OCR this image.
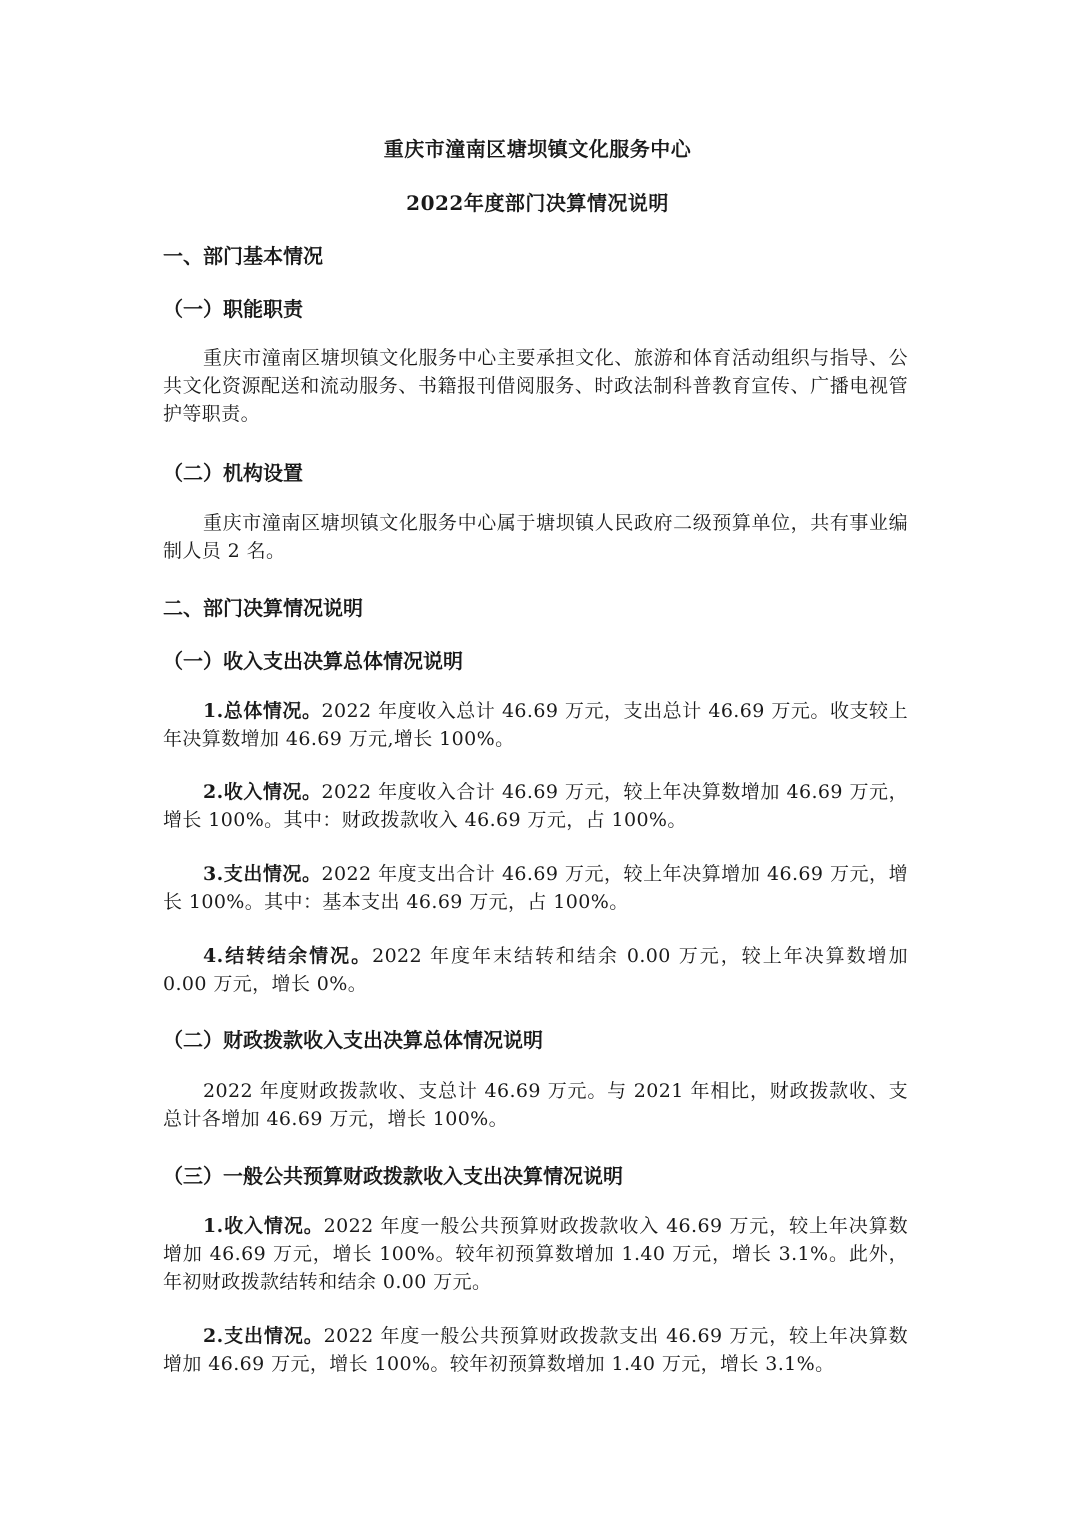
重庆市潼南区塘坝镇文化服务中心
2022年度部门决算情况说明
一、部门基本情况
（一）职能职责
重庆市潼南区塘坝镇文化服务中心主要承担文化、旅游和体育活动组织与指导、公共文化资源配送和流动服务、书籍报刊借阅服务、时政法制科普教育宣传、广播电视管护等职责。
（二）机构设置
重庆市潼南区塘坝镇文化服务中心属于塘坝镇人民政府二级预算单位，共有事业编制人员 2 名。
二、部门决算情况说明
（一）收入支出决算总体情况说明
1.总体情况。2022 年度收入总计 46.69 万元，支出总计 46.69 万元。收支较上年决算数增加 46.69 万元,增长 100%。
2.收入情况。2022 年度收入合计 46.69 万元，较上年决算数增加 46.69 万元，增长 100%。其中：财政拨款收入 46.69 万元，占 100%。
3.支出情况。2022 年度支出合计 46.69 万元，较上年决算增加 46.69 万元，增长 100%。其中：基本支出 46.69 万元，占 100%。
4.结转结余情况。2022 年度年末结转和结余 0.00 万元，较上年决算数增加 0.00 万元，增长 0%。
（二）财政拨款收入支出决算总体情况说明
2022 年度财政拨款收、支总计 46.69 万元。与 2021 年相比，财政拨款收、支总计各增加 46.69 万元，增长 100%。
（三）一般公共预算财政拨款收入支出决算情况说明
1.收入情况。2022 年度一般公共预算财政拨款收入 46.69 万元，较上年决算数增加 46.69 万元，增长 100%。较年初预算数增加 1.40 万元，增长 3.1%。此外，年初财政拨款结转和结余 0.00 万元。
2.支出情况。2022 年度一般公共预算财政拨款支出 46.69 万元，较上年决算数增加 46.69 万元，增长 100%。较年初预算数增加 1.40 万元，增长 3.1%。
